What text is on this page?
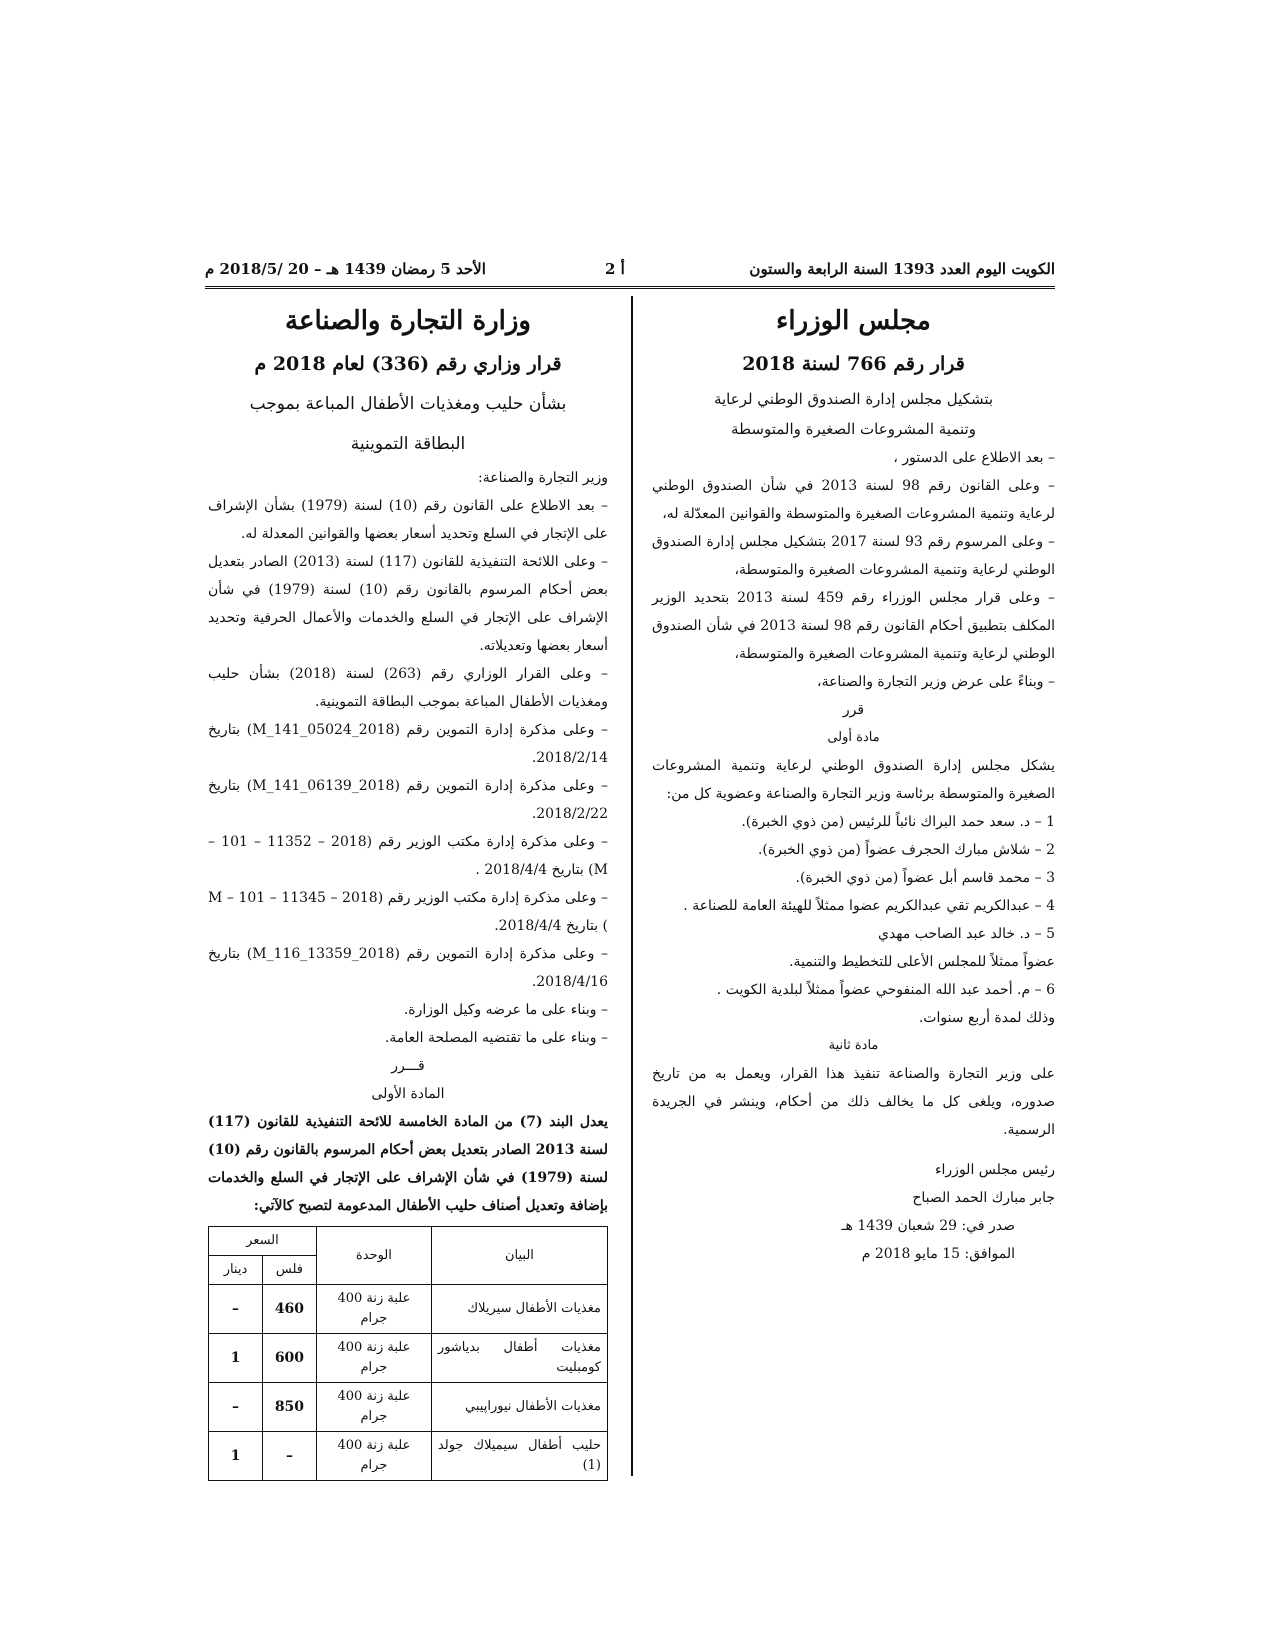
الكويت اليوم العدد 1393 السنة الرابعة والستون
أ 2
الأحد 5 رمضان 1439 هـ – 20 /2018/5 م
مجلس الوزراء
قرار رقم 766 لسنة 2018
بتشكيل مجلس إدارة الصندوق الوطني لرعاية
وتنمية المشروعات الصغيرة والمتوسطة

– بعد الاطلاع على الدستور ،

– وعلى القانون رقم 98 لسنة 2013 في شأن الصندوق الوطني لرعاية وتنمية المشروعات الصغيرة والمتوسطة والقوانين المعدّلة له،

– وعلى المرسوم رقم 93 لسنة 2017 بتشكيل مجلس إدارة الصندوق الوطني لرعاية وتنمية المشروعات الصغيرة والمتوسطة،

– وعلى قرار مجلس الوزراء رقم 459 لسنة 2013 بتحديد الوزير المكلف بتطبيق أحكام القانون رقم 98 لسنة 2013 في شأن الصندوق الوطني لرعاية وتنمية المشروعات الصغيرة والمتوسطة،

– وبناءً على عرض وزير التجارة والصناعة،

قرر
مادة أولى

يشكل مجلس إدارة الصندوق الوطني لرعاية وتنمية المشروعات الصغيرة والمتوسطة برئاسة وزير التجارة والصناعة وعضوية كل من:

1 – د. سعد حمد البراك نائباً للرئيس (من ذوي الخبرة).

2 – شلاش مبارك الحجرف عضواً (من ذوي الخبرة).

3 – محمد قاسم أبل عضواً (من ذوي الخبرة).

4 – عبدالكريم تقي عبدالكريم عضوا ممثلاً للهيئة العامة للصناعة .

5 – د. خالد عبد الصاحب مهدي

عضواً ممثلاً للمجلس الأعلى للتخطيط والتنمية.

6 – م. أحمد عبد الله المنفوحي عضواً ممثلاً لبلدية الكويت .

وذلك لمدة أربع سنوات.

مادة ثانية

على وزير التجارة والصناعة تنفيذ هذا القرار، ويعمل به من تاريخ صدوره، ويلغى كل ما يخالف ذلك من أحكام، وينشر في الجريدة الرسمية.

رئيس مجلس الوزراء

جابر مبارك الحمد الصباح

صدر في: 29 شعبان 1439 هـ

الموافق: 15 مايو 2018 م

وزارة التجارة والصناعة
قرار وزاري رقم (336) لعام 2018 م
بشأن حليب ومغذيات الأطفال المباعة بموجب
البطاقة التموينية

وزير التجارة والصناعة:

– بعد الاطلاع على القانون رقم (10) لسنة (1979) بشأن الإشراف على الإتجار في السلع وتحديد أسعار بعضها والقوانين المعدلة له.

– وعلى اللائحة التنفيذية للقانون (117) لسنة (2013) الصادر بتعديل بعض أحكام المرسوم بالقانون رقم (10) لسنة (1979) في شأن الإشراف على الإتجار في السلع والخدمات والأعمال الحرفية وتحديد أسعار بعضها وتعديلاته.

– وعلى القرار الوزاري رقم (263) لسنة (2018) بشأن حليب ومغذيات الأطفال المباعة بموجب البطاقة التموينية.

– وعلى مذكرة إدارة التموين رقم (M_141_05024_2018) بتاريخ 2018/2/14.

– وعلى مذكرة إدارة التموين رقم (M_141_06139_2018) بتاريخ 2018/2/22.

– وعلى مذكرة إدارة مكتب الوزير رقم (2018 – 11352 – 101 – M) بتاريخ 2018/4/4 .

– وعلى مذكرة إدارة مكتب الوزير رقم (2018 – 11345 – 101 – M ) بتاريخ 2018/4/4.

– وعلى مذكرة إدارة التموين رقم (M_116_13359_2018) بتاريخ 2018/4/16.

– وبناء على ما عرضه وكيل الوزارة.

– وبناء على ما تقتضيه المصلحة العامة.

قـــرر
المادة الأولى

يعدل البند (7) من المادة الخامسة للائحة التنفيذية للقانون (117) لسنة 2013 الصادر بتعديل بعض أحكام المرسوم بالقانون رقم (10) لسنة (1979) في شأن الإشراف على الإتجار في السلع والخدمات بإضافة وتعديل أصناف حليب الأطفال المدعومة لتصبح كالآتي:

البيان	الوحدة	السعر	
		فلس	دينار
مغذيات الأطفال سيريلاك	علبة زنة 400 جرام	460	–
مغذيات أطفال بدياشور كومبليت	علبة زنة 400 جرام	600	1
مغذيات الأطفال نيوراپيبي	علبة زنة 400 جرام	850	–
حليب أطفال سيميلاك جولد (1)	علبة زنة 400 جرام	–	1
